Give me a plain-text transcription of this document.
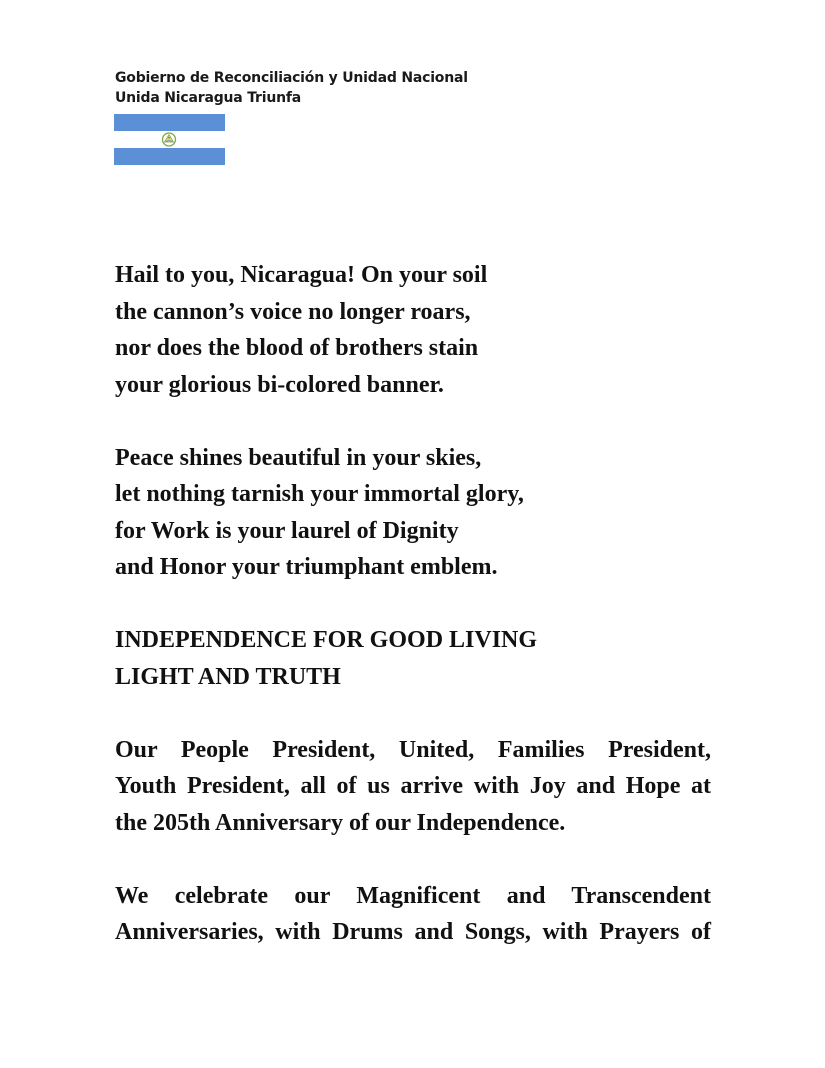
Gobierno de Reconciliación y Unidad Nacional
Unida Nicaragua Triunfa
Hail to you, Nicaragua! On your soil
the cannon’s voice no longer roars,
nor does the blood of brothers stain
your glorious bi-colored banner.
Peace shines beautiful in your skies,
let nothing tarnish your immortal glory,
for Work is your laurel of Dignity
and Honor your triumphant emblem.
INDEPENDENCE FOR GOOD LIVING
LIGHT AND TRUTH
Our People President, United, Families President,
Youth President, all of us arrive with Joy and Hope at
the 205th Anniversary of our Independence.
We celebrate our Magnificent and Transcendent
Anniversaries, with Drums and Songs, with Prayers of
